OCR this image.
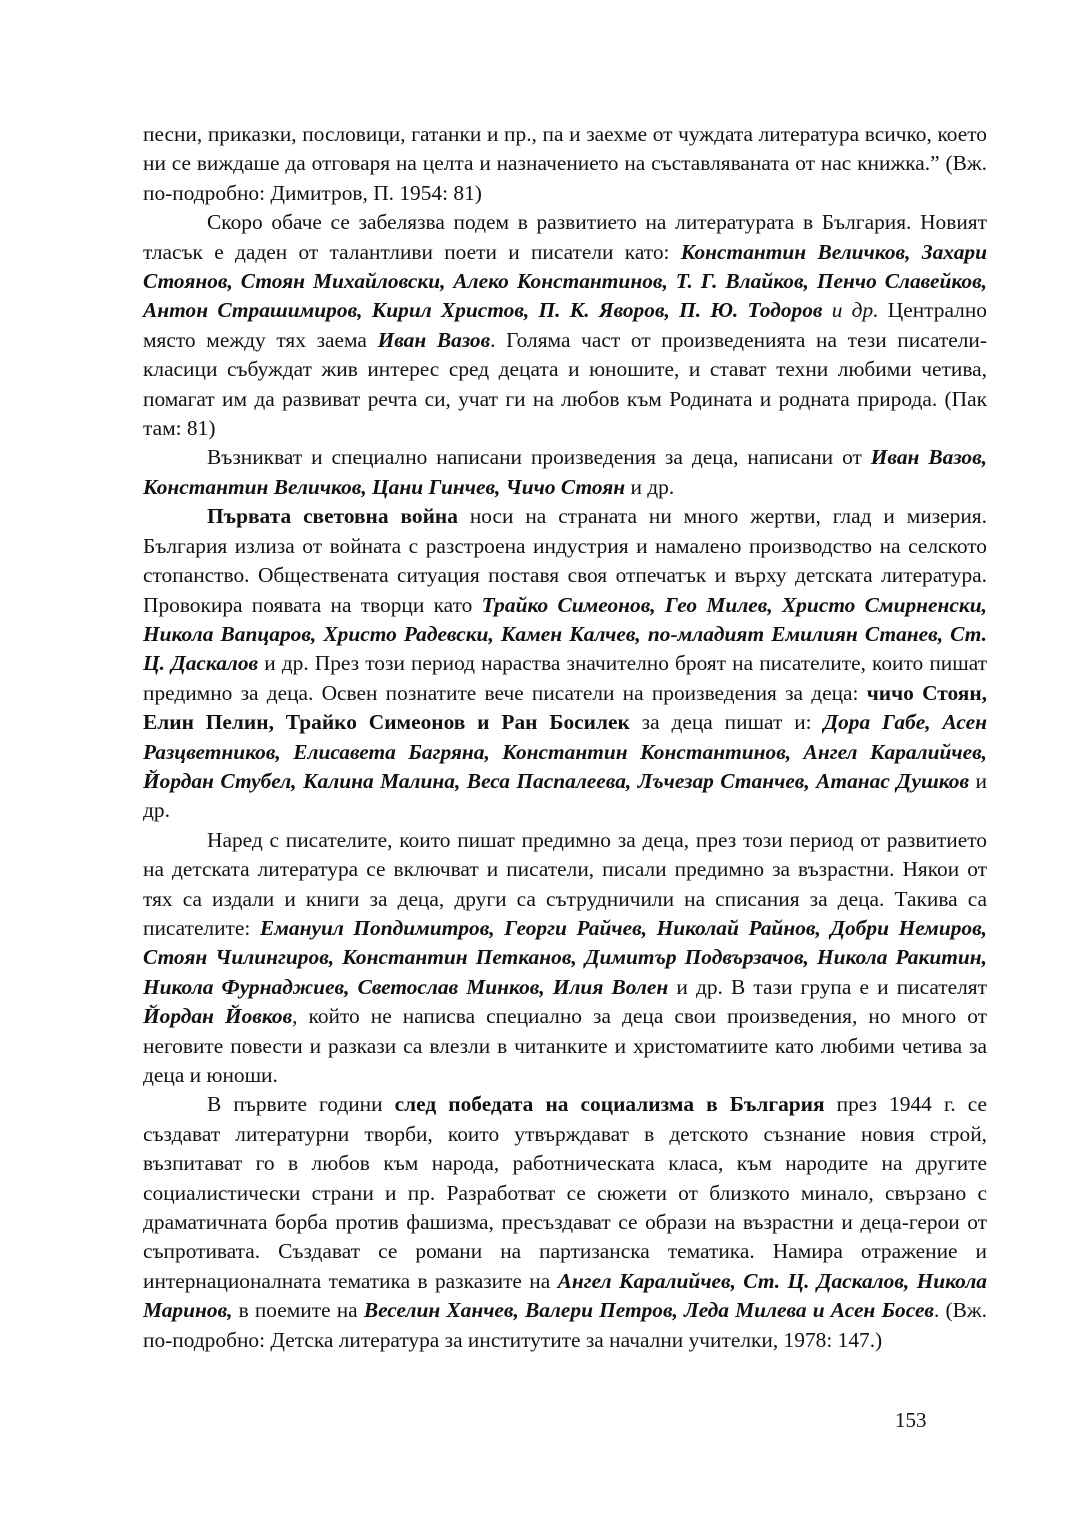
песни, приказки, пословици, гатанки и пр., па и заехме от чуждата литература всичко, което ни се виждаше да отговаря на целта и назначението на съставляваната от нас книжка.” (Вж. по-подробно: Димитров, П. 1954: 81)

Скоро обаче се забелязва подем в развитието на литературата в България. Новият тласък е даден от талантливи поети и писатели като: Константин Величков, Захари Стоянов, Стоян Михайловски, Алеко Константинов, Т. Г. Влайков, Пенчо Славейков, Антон Страшимиров, Кирил Христов, П. К. Яворов, П. Ю. Тодоров и др. Централно място между тях заема Иван Вазов. Голяма част от произведенията на тези писатели-класици събуждат жив интерес сред децата и юношите, и стават техни любими четива, помагат им да развиват речта си, учат ги на любов към Родината и родната природа. (Пак там: 81)

Възникват и специално написани произведения за деца, написани от Иван Вазов, Константин Величков, Цани Гинчев, Чичо Стоян и др.

Първата световна война носи на страната ни много жертви, глад и мизерия. България излиза от войната с разстроена индустрия и намалено производство на селското стопанство. Обществената ситуация поставя своя отпечатък и върху детската литература. Провокира появата на творци като Трайко Симеонов, Гео Милев, Христо Смирненски, Никола Вапцаров, Христо Радевски, Камен Калчев, по-младият Емилиян Станев, Ст. Ц. Даскалов и др. През този период нараства значително броят на писателите, които пишат предимно за деца. Освен познатите вече писатели на произведения за деца: чичо Стоян, Елин Пелин, Трайко Симеонов и Ран Босилек за деца пишат и: Дора Габе, Асен Разцветников, Елисавета Багряна, Константин Константинов, Ангел Каралийчев, Йордан Стубел, Калина Малина, Веса Паспалеева, Лъчезар Станчев, Атанас Душков и др.

Наред с писателите, които пишат предимно за деца, през този период от развитието на детската литература се включват и писатели, писали предимно за възрастни. Някои от тях са издали и книги за деца, други са сътрудничили на списания за деца. Такива са писателите: Емануил Попдимитров, Георги Райчев, Николай Райнов, Добри Немиров, Стоян Чилингиров, Константин Петканов, Димитър Подвързачов, Никола Ракитин, Никола Фурнаджиев, Светослав Минков, Илия Волен и др. В тази група е и писателят Йордан Йовков, който не написва специално за деца свои произведения, но много от неговите повести и разкази са влезли в читанките и христоматиите като любими четива за деца и юноши.

В първите години след победата на социализма в България през 1944 г. се създават литературни творби, които утвърждават в детското съзнание новия строй, възпитават го в любов към народа, работническата класа, към народите на другите социалистически страни и пр. Разработват се сюжети от близкото минало, свързано с драматичната борба против фашизма, пресъздават се образи на възрастни и деца-герои от съпротивата. Създават се романи на партизанска тематика. Намира отражение и интернационалната тематика в разказите на Ангел Каралийчев, Ст. Ц. Даскалов, Никола Маринов, в поемите на Веселин Ханчев, Валери Петров, Леда Милева и Асен Босев. (Вж. по-подробно: Детска литература за институтите за начални учителки, 1978: 147.)

153
